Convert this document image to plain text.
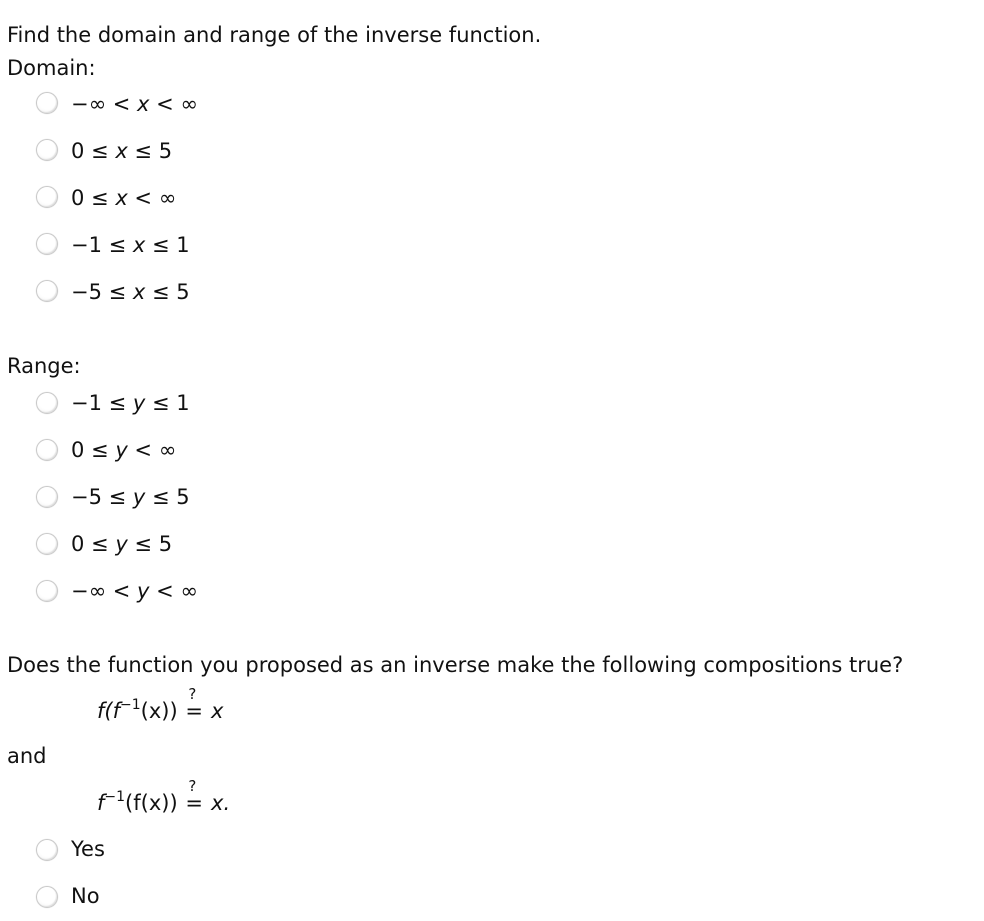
Find the domain and range of the inverse function.
Domain:
−∞ < x < ∞
0 ≤ x ≤ 5
0 ≤ x < ∞
−1 ≤ x ≤ 1
−5 ≤ x ≤ 5
Range:
−1 ≤ y ≤ 1
0 ≤ y < ∞
−5 ≤ y ≤ 5
0 ≤ y ≤ 5
−∞ < y < ∞
Does the function you proposed as an inverse make the following compositions true?
$f(f^{-1}(x))$
?
= x
and
$f^{-1}(f(x))$
?
= x.
Yes
No
